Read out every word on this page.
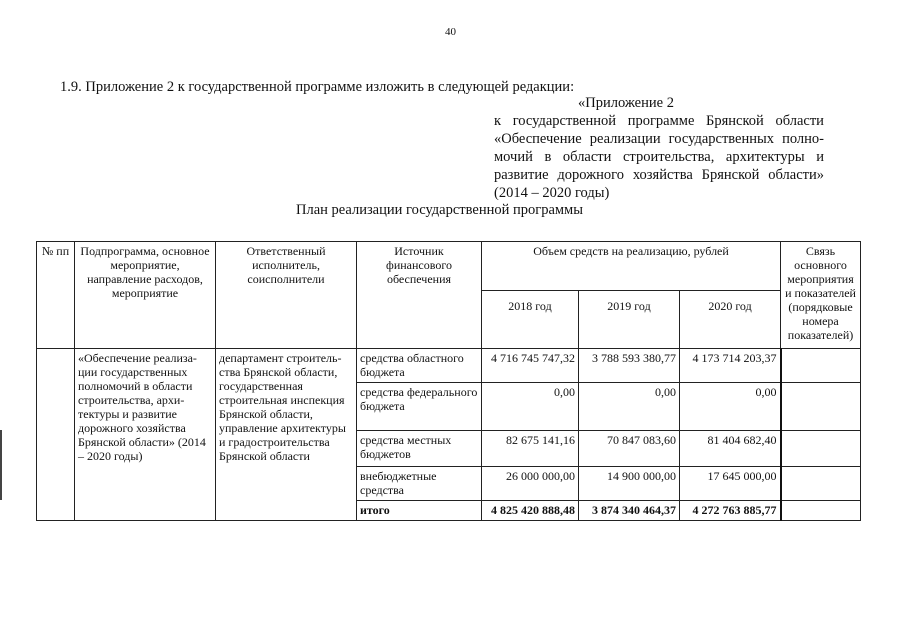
40
1.9. Приложение 2 к государственной программе изложить в следующей редакции:
«Приложение 2
к государственной программе Брянской области
«Обеспечение реализации государственных полно-
мочий в области строительства, архитектуры и
развитие дорожного хозяйства Брянской области»
(2014 – 2020 годы)
План реализации государственной программы
№ пп	Подпрограмма, основное мероприятие, направление расходов, мероприятие	Ответственный исполнитель, соисполнители	Источник финансового обеспечения	Объем средств на реализацию, рублей			Связь основного мероприятия и показателей (порядковые номера показателей)
				2018 год	2019 год	2020 год	
	«Обеспечение реализа-ции государственных полномочий в области строительства, архи-тектуры и развитие дорожного хозяйства Брянской области» (2014 – 2020 годы)	департамент строитель-ства Брянской области, государственная строительная инспекция Брянской области, управление архитектуры и градостроительства Брянской области	средства областного бюджета	4 716 745 747,32	3 788 593 380,77	4 173 714 203,37	
			средства федерального бюджета	0,00	0,00	0,00	
			средства местных бюджетов	82 675 141,16	70 847 083,60	81 404 682,40	
			внебюджетные средства	26 000 000,00	14 900 000,00	17 645 000,00	
			итого	4 825 420 888,48	3 874 340 464,37	4 272 763 885,77	
